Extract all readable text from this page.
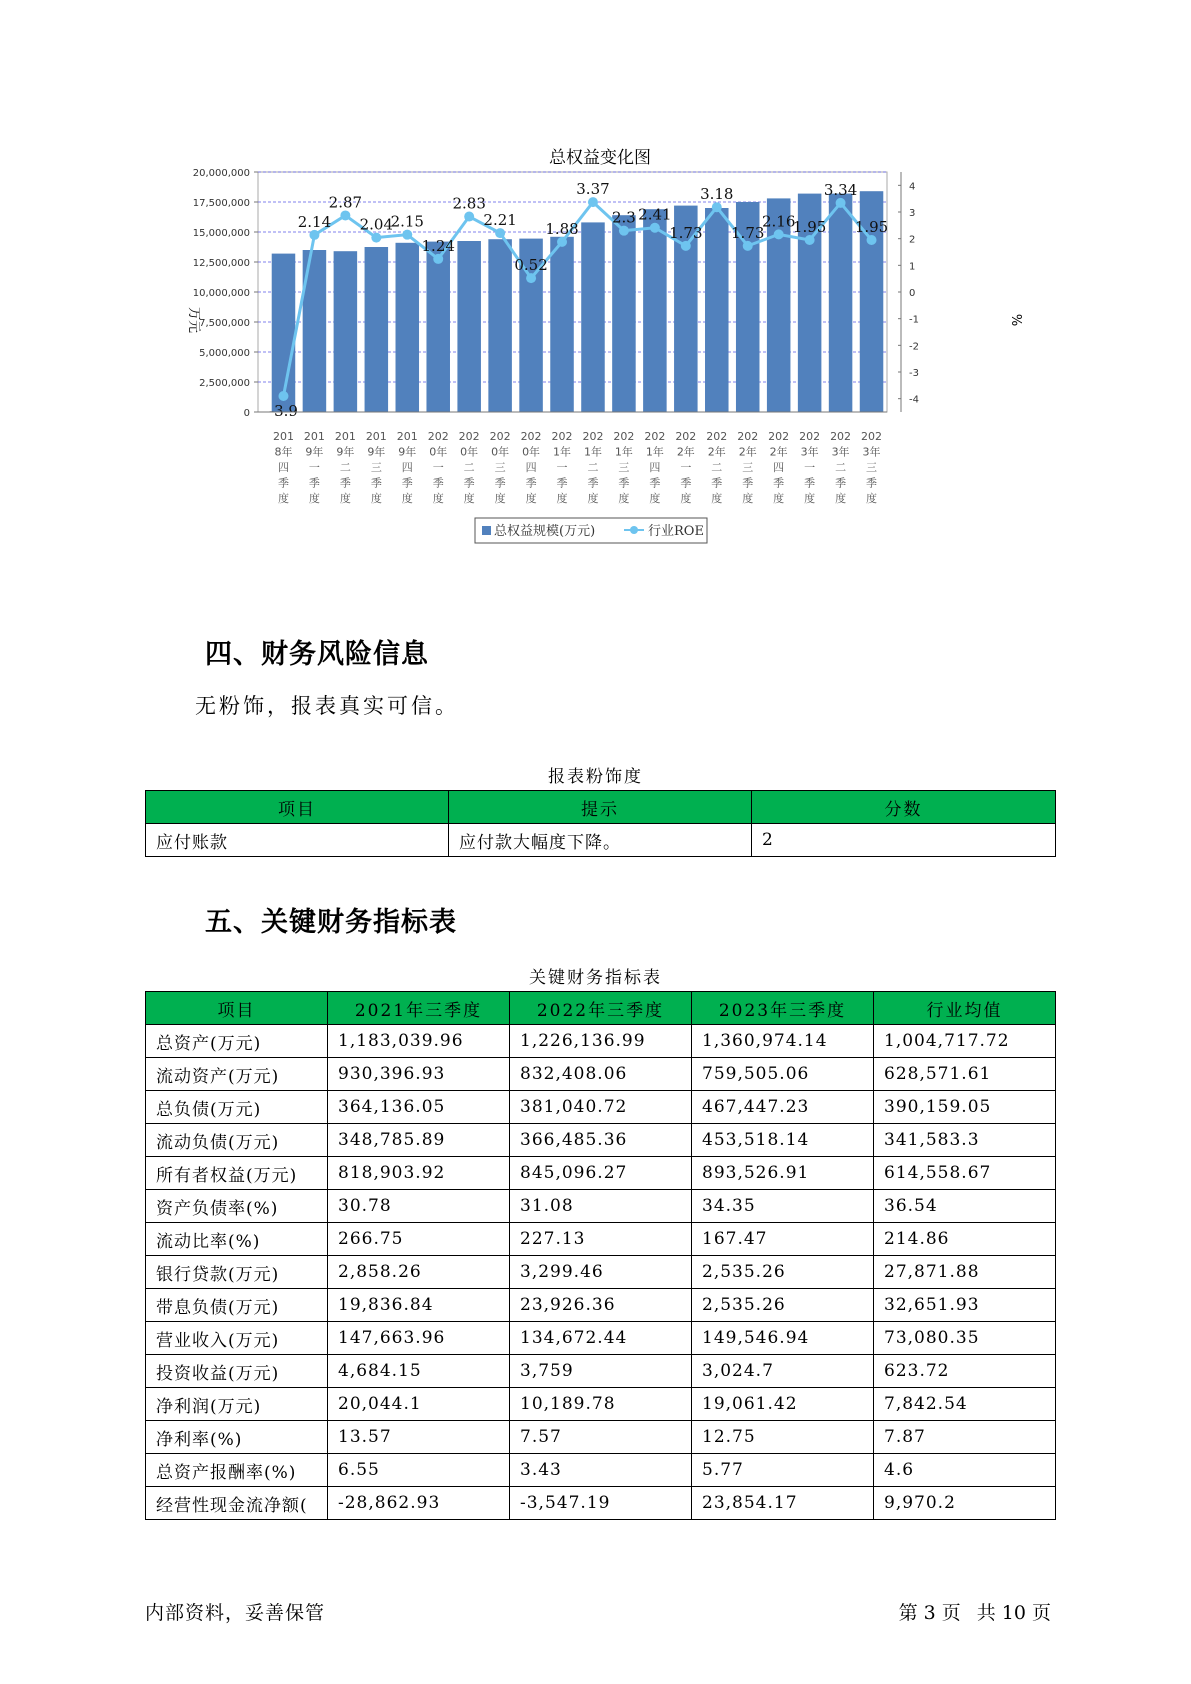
总权益变化图
万元	%
-3.9
2.14
2.87
2.04
2.15
1.24
2.83
2.21
0.52
1.88
3.37
2.3 2.41
1.73
3.18
1.73
2.16
1.95
3.34
1.95
20,000,000
17,500,000
15,000,000
12,500,000
10,000,000
7,500,000
5,000,000
2,500,000
0
4
3
2
1
0
-1
-2
-3
-4
201 8年四季度
201 9年一季度
201 9年二季度
201 9年三季度
201 9年四季度
202 0年一季度
202 0年二季度
202 0年三季度
202 0年四季度
202 1年一季度
202 1年二季度
202 1年三季度
202 1年四季度
202 2年一季度
202 2年二季度
202 2年三季度
202 2年四季度
202 3年一季度
202 3年二季度
202 3年三季度
总权益规模(万元)	行业ROE
四、财务风险信息

无粉饰，报表真实可信。

报表粉饰度
项目	提示	分数
应付账款	应付款大幅度下降。	2
五、关键财务指标表
关键财务指标表
项目	2021年三季度	2022年三季度	2023年三季度	行业均值
总资产(万元)	1,183,039.96	1,226,136.99	1,360,974.14	1,004,717.72
流动资产(万元)	930,396.93	832,408.06	759,505.06	628,571.61
总负债(万元)	364,136.05	381,040.72	467,447.23	390,159.05
流动负债(万元)	348,785.89	366,485.36	453,518.14	341,583.3
所有者权益(万元)	818,903.92	845,096.27	893,526.91	614,558.67
资产负债率(%)	30.78	31.08	34.35	36.54
流动比率(%)	266.75	227.13	167.47	214.86
银行贷款(万元)	2,858.26	3,299.46	2,535.26	27,871.88
带息负债(万元)	19,836.84	23,926.36	2,535.26	32,651.93
营业收入(万元)	147,663.96	134,672.44	149,546.94	73,080.35
投资收益(万元)	4,684.15	3,759	3,024.7	623.72
净利润(万元)	20,044.1	10,189.78	19,061.42	7,842.54
净利率(%)	13.57	7.57	12.75	7.87
总资产报酬率(%)	6.55	3.43	5.77	4.6
经营性现金流净额(	-28,862.93	-3,547.19	23,854.17	9,970.2
内部资料，妥善保管	第 3 页 共 10 页
